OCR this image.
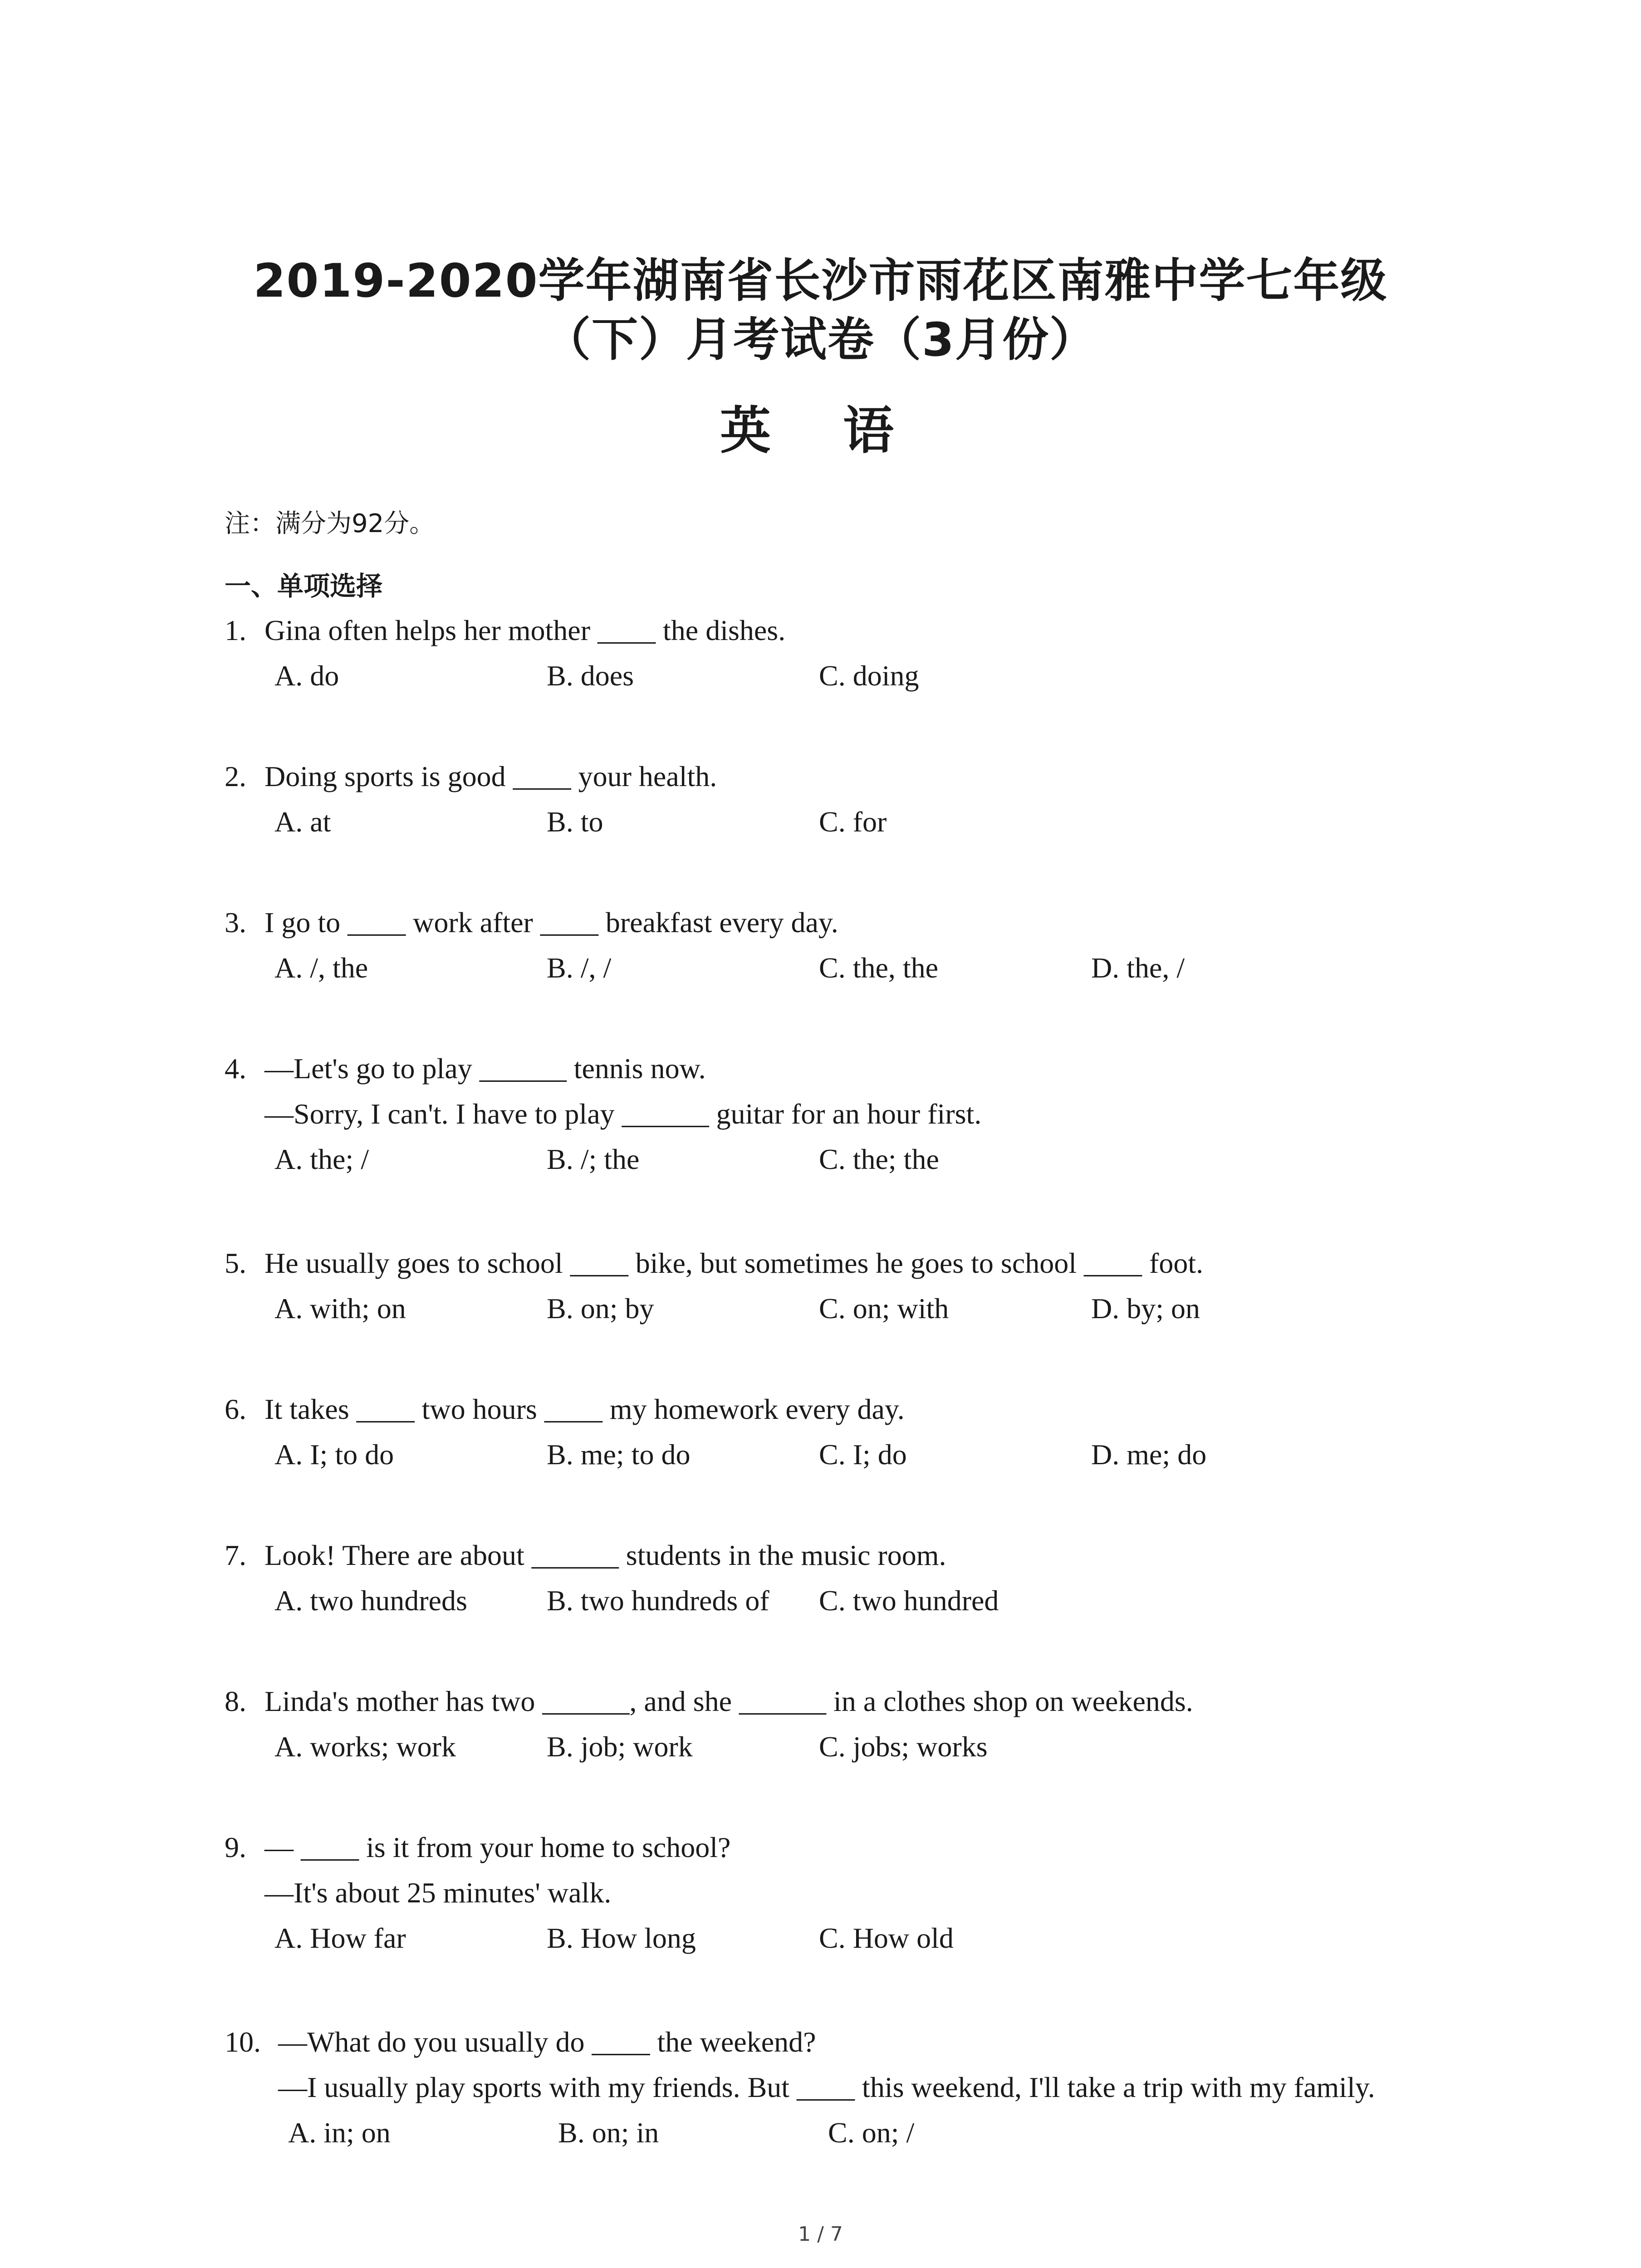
2019-2020学年湖南省长沙市雨花区南雅中学七年级
（下）月考试卷（3月份）
英 语
注：满分为92分。
一、单项选择
1. Gina often helps her mother ____ the dishes.
A. do	B. does	C. doing
2. Doing sports is good ____ your health.
A. at	B. to	C. for
3. I go to ____ work after ____ breakfast every day.
A. /, the	B. /, /	C. the, the	D. the, /
4. —Let's go to play ______ tennis now.
—Sorry, I can't. I have to play ______ guitar for an hour first.
A. the; /	B. /; the	C. the; the
5. He usually goes to school ____ bike, but sometimes he goes to school ____ foot.
A. with; on	B. on; by	C. on; with	D. by; on
6. It takes ____ two hours ____ my homework every day.
A. I; to do	B. me; to do	C. I; do	D. me; do
7. Look! There are about ______ students in the music room.
A. two hundreds	B. two hundreds of C. two hundred
8. Linda's mother has two ______, and she ______ in a clothes shop on weekends.
A. works; work	B. job; work	C. jobs; works
9. — ____ is it from your home to school?
—It's about 25 minutes' walk.
A. How far	B. How long	C. How old
10. —What do you usually do ____ the weekend?
—I usually play sports with my friends. But ____ this weekend, I'll take a trip with my family.
A. in; on	B. on; in	C. on; /
1 / 7
